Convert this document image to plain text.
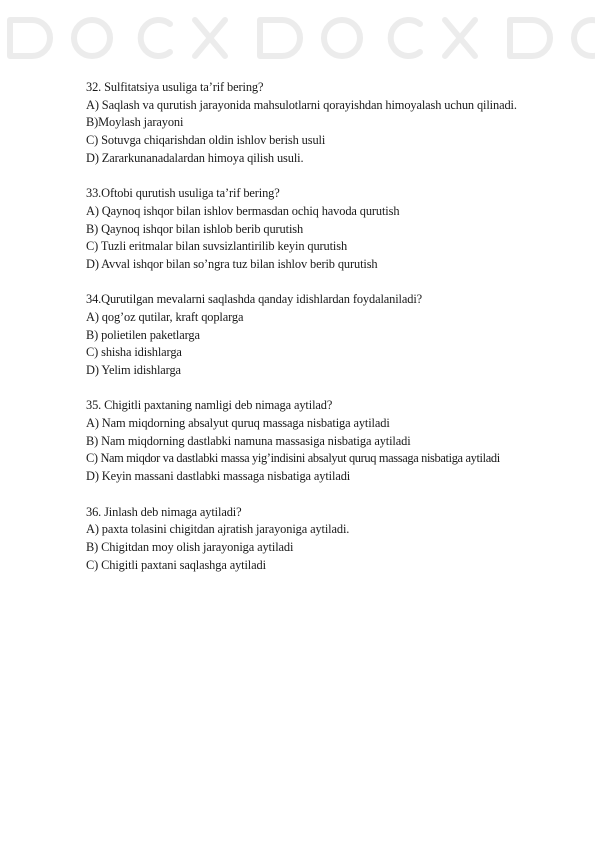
32. Sulfitatsiya usuliga ta’rif bering?
A) Saqlash va qurutish jarayonida mahsulotlarni qorayishdan himoyalash uchun qilinadi.
B)Moylash jarayoni
C) Sotuvga chiqarishdan oldin ishlov berish usuli
D) Zararkunanadalardan himoya qilish usuli.
33.Oftobi qurutish usuliga ta’rif bering?
A) Qaynoq ishqor bilan ishlov bermasdan ochiq havoda qurutish
B) Qaynoq ishqor bilan ishlob berib qurutish
C) Tuzli eritmalar bilan suvsizlantirilib keyin qurutish
D) Avval ishqor bilan so’ngra tuz bilan ishlov berib qurutish
34.Qurutilgan mevalarni saqlashda qanday idishlardan foydalaniladi?
A) qog’oz qutilar, kraft qoplarga
B) polietilen paketlarga
C) shisha idishlarga
D) Yelim idishlarga
35. Chigitli paxtaning namligi deb nimaga aytilad?
A) Nam miqdorning absalyut quruq massaga nisbatiga aytiladi
B) Nam miqdorning dastlabki namuna massasiga nisbatiga aytiladi
C) Nam miqdor va dastlabki massa yig’indisini absalyut quruq massaga nisbatiga aytiladi
D) Keyin massani dastlabki massaga nisbatiga aytiladi
36. Jinlash deb nimaga aytiladi?
A) paxta tolasini chigitdan ajratish jarayoniga aytiladi.
B) Chigitdan moy olish jarayoniga aytiladi
C) Chigitli paxtani saqlashga aytiladi
